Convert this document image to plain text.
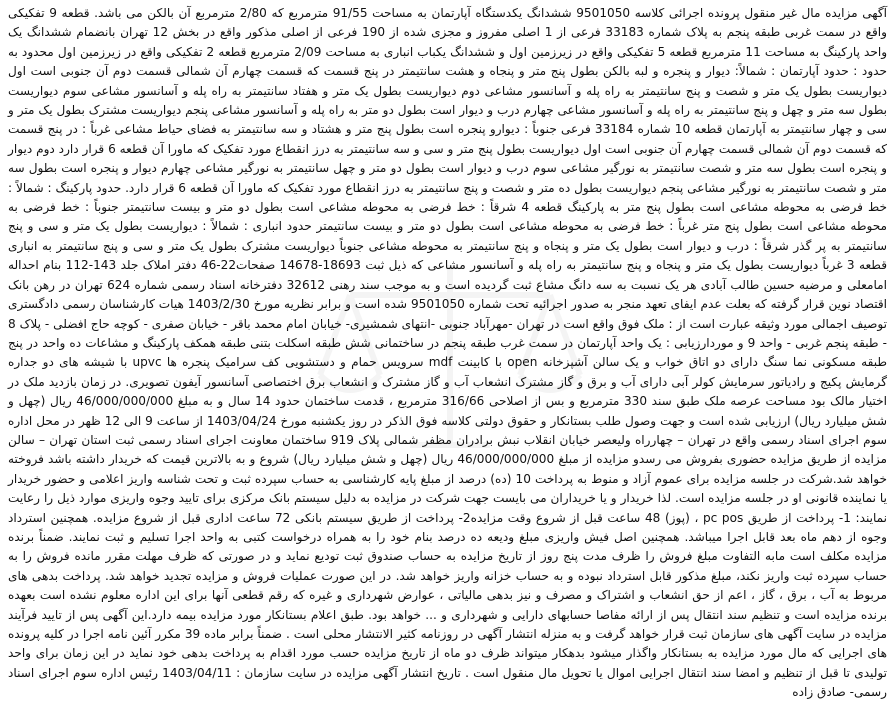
آگهی مزایده مال غیر منقول پرونده اجرائی کلاسه 9501050 ششدانگ یکدستگاه آپارتمان به مساحت 91/55 مترمربع که 2/80 مترمربع آن بالکن می باشد. قطعه 9 تفکیکی واقع در سمت غربی طبقه پنجم به پلاک شماره 33183 فرعی از 1 اصلی مفروز و مجزی شده از 190 فرعی از اصلی مذکور واقع در بخش 12 تهران بانضمام ششدانگ یک واحد پارکینگ به مساحت 11 مترمربع قطعه 5 تفکیکی واقع در زیرزمین اول و ششدانگ یکباب انباری به مساحت 2/09 مترمربع قطعه 2 تفکیکی واقع در زیرزمین اول محدود به حدود : حدود آپارتمان : شمالاً: دیوار و پنجره و لبه بالکن بطول پنج متر و پنجاه و هشت سانتیمتر در پنج قسمت که قسمت چهارم آن شمالی قسمت دوم آن جنوبی است اول دیواریست بطول یک متر و شصت و پنج سانتیمتر به راه پله و آسانسور مشاعی دوم دیواریست بطول یک متر و هفتاد سانتیمتر به راه پله و آسانسور مشاعی سوم دیواریست بطول سه متر و چهل و پنج سانتیمتر به راه پله و آسانسور مشاعی چهارم درب و دیوار است بطول دو متر به راه پله و آسانسور مشاعی پنجم دیواریست مشترک بطول یک متر و سی و چهار سانتیمتر به آپارتمان قطعه 10 شماره 33184 فرعی جنوباً : دیوارو پنجره است بطول پنج متر و هشتاد و سه سانتیمتر به فضای حیاط مشاعی غرباً : در پنج قسمت که قسمت دوم آن شمالی قسمت چهارم آن جنوبی است اول دیواریست بطول پنج متر و سی و سه سانتیمتر به درز انقطاع مورد تفکیک که ماورا آن قطعه 6 قرار دارد دوم دیوار و پنجره است بطول سه متر و شصت سانتیمتر به نورگیر مشاعی سوم درب و دیوار است بطول دو متر و چهل سانتیمتر به نورگیر مشاعی چهارم دیوار و پنجره است بطول سه متر و شصت سانتیمتر به نورگیر مشاعی پنجم دیواریست بطول ده متر و شصت و پنج سانتیمتر به درز انقطاع مورد تفکیک که ماورا آن قطعه 6 قرار دارد. حدود پارکینگ : شمالاً : خط فرضی به محوطه مشاعی است بطول پنج متر به پارکینگ قطعه 4 شرقاً : خط فرضی به محوطه مشاعی است بطول دو متر و بیست سانتیمتر جنوباً : خط فرضی به محوطه مشاعی است بطول پنج متر غرباً : خط فرضی به محوطه مشاعی است بطول دو متر و بیست سانتیمتر حدود انباری : شمالاً : دیواریست بطول یک متر و سی و پنج سانتیمتر به پر گذر شرقاً : درب و دیوار است بطول یک متر و پنجاه و پنج سانتیمتر به محوطه مشاعی جنوباً دیواریست مشترک بطول یک متر و سی و پنج سانتیمتر به انباری قطعه 3 غرباً دیواریست بطول یک متر و پنجاه و پنج سانتیمتر به راه پله و آسانسور مشاعی که ذیل ثبت 18693-14678 صفحات22-46 دفتر املاک جلد 143-112 بنام احداله امامعلی و مرضیه حسین طالب آبادی هر یک نسبت به سه دانگ مشاع ثبت گردیده است و به موجب سند رهنی 32612 دفترخانه اسناد رسمی شماره 624 تهران در رهن بانک اقتصاد نوین قرار گرفته که بعلت عدم ایفای تعهد منجر به صدور اجرائیه تحت شماره 9501050 شده است و برابر نظریه مورخ 1403/2/30 هیات کارشناسان رسمی دادگستری توصیف اجمالی مورد وثیقه عبارت است از : ملک فوق واقع است در تهران -مهرآباد جنوبی -انتهای شمشیری- خیابان امام محمد باقر - خیابان صفری - کوچه حاج افضلی - پلاک 8 - طبقه پنجم غربی - واحد 9 و موردارزیابی : یک واحد آپارتمان در سمت غرب طبقه پنجم در ساختمانی شش طبقه اسکلت بتنی طبقه همکف پارکینگ و مشاعات ده واحد در پنج طبقه مسکونی نما سنگ دارای دو اتاق خواب و یک سالن آشپزخانه open با کابینت mdf سرویس حمام و دستشویی کف سرامیک پنجره ها upvc با شیشه های دو جداره گرمایش پکیج و رادیاتور سرمایش کولر آبی دارای آب و برق و گاز مشترک انشعاب آب و گاز مشترک و انشعاب برق اختصاصی آسانسور آیفون تصویری. در زمان بازدید ملک در اختیار مالک بود مساحت عرصه ملک طبق سند 330 مترمربع و بس از اصلاحی 316/66 مترمربع ، قدمت ساختمان حدود 14 سال و به مبلغ 46/000/000/000 ریال (چهل و شش میلیارد ریال) ارزیابی شده است و جهت وصول طلب بستانکار و حقوق دولتی کلاسه فوق الذکر در روز یکشنبه مورخ 1403/04/24 از ساعت 9 الی 12 ظهر در محل اداره سوم اجرای اسناد رسمی واقع در تهران – چهارراه ولیعصر خیابان انقلاب نبش برادران مظفر شمالی پلاک 919 ساختمان معاونت اجرای اسناد رسمی ثبت استان تهران – سالن مزایده از طریق مزایده حضوری بفروش می رسدو مزایده از مبلغ 46/000/000/000 ریال (چهل و شش میلیارد ریال) شروع و به بالاترین قیمت که خریدار داشته باشد فروخته خواهد شد.شرکت در جلسه مزایده برای عموم آزاد و منوط به پرداخت 10 (ده) درصد از مبلغ پایه کارشناسی به حساب سپرده ثبت و تحت شناسه واریز اعلامی و حضور خریدار یا نماینده قانونی او در جلسه مزایده است. لذا خریدار و یا خریداران می بایست جهت شرکت در مزایده به دلیل سیستم بانک مرکزی برای تایید وجوه واریزی موارد ذیل را رعایت نمایند: 1- پرداخت از طریق pc pos ، (پوز) 48 ساعت قبل از شروع وقت مزایده2- پرداخت از طریق سیستم بانکی 72 ساعت اداری قبل از شروع مزایده. همچنین استرداد وجوه از دهم ماه بعد قابل اجرا میباشد. همچنین اصل فیش واریزی مبلغ ودیعه ده درصد بنام خود را به همراه درخواست کتبی به واحد اجرا تسلیم و ثبت نمایند. ضمناً برنده مزایده مکلف است مابه التفاوت مبلغ فروش را ظرف مدت پنج روز از تاریخ مزایده به حساب صندوق ثبت تودیع نماید و در صورتی که ظرف مهلت مقرر مانده فروش را به حساب سپرده ثبت واریز نکند، مبلغ مذکور قابل استرداد نبوده و به حساب خزانه واریز خواهد شد. در این صورت عملیات فروش و مزایده تجدید خواهد شد. پرداخت بدهی های مربوط به آب ، برق ، گاز ، اعم از حق انشعاب و اشتراک و مصرف و نیز بدهی مالیاتی ، عوارض شهرداری و غیره که رقم قطعی آنها برای این اداره معلوم نشده است بعهده برنده مزایده است و تنظیم سند انتقال پس از ارائه مفاصا حسابهای دارایی و شهرداری و ... خواهد بود. طبق اعلام بستانکار مورد مزایده بیمه دارد.این آگهی پس از تایید فرآیند مزایده در سایت آگهی های سازمان ثبت قرار خواهد گرفت و به منزله انتشار آگهی در روزنامه کثیر الانتشار محلی است . ضمناً برابر ماده 39 مکرر آئین نامه اجرا در کلیه پرونده های اجرایی که مال مورد مزایده به بستانکار واگذار میشود بدهکار میتواند ظرف دو ماه از تاریخ مزایده حسب مورد اقدام به پرداخت بدهی خود نماید در این زمان برای واحد تولیدی تا قبل از تنظیم و امضا سند انتقال اجرایی اموال یا تحویل مال منقول است . تاریخ انتشار آگهی مزایده در سایت سازمان : 1403/04/11 رئیس اداره سوم اجرای اسناد رسمی- صادق زاده
